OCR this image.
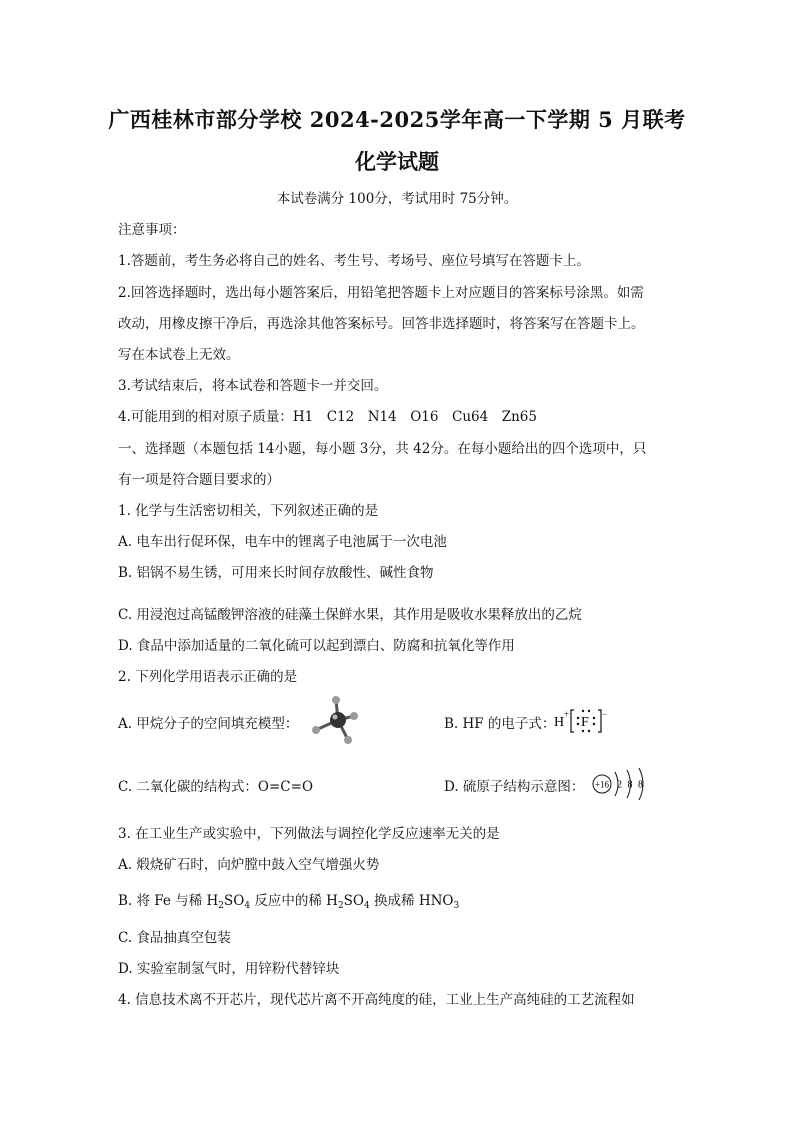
广西桂林市部分学校 2024-2025学年高一下学期 5 月联考
化学试题
本试卷满分 100分，考试用时 75分钟。
注意事项：
1.答题前，考生务必将自己的姓名、考生号、考场号、座位号填写在答题卡上。
2.回答选择题时，选出每小题答案后，用铅笔把答题卡上对应题目的答案标号涂黑。如需
改动，用橡皮擦干净后，再选涂其他答案标号。回答非选择题时，将答案写在答题卡上。
写在本试卷上无效。
3.考试结束后，将本试卷和答题卡一并交回。
4.可能用到的相对原子质量：H1　C12　N14　O16　Cu64　Zn65
一、选择题（本题包括 14小题，每小题 3分，共 42分。在每小题给出的四个选项中，只
有一项是符合题目要求的）
1. 化学与生活密切相关，下列叙述正确的是
A. 电车出行促环保，电车中的锂离子电池属于一次电池
B. 铝锅不易生锈，可用来长时间存放酸性、碱性食物
C. 用浸泡过高锰酸钾溶液的硅藻土保鲜水果，其作用是吸收水果释放出的乙烷
D. 食品中添加适量的二氧化硫可以起到漂白、防腐和抗氧化等作用
2. 下列化学用语表示正确的是
A. 甲烷分子的空间填充模型：	B. HF 的电子式：
H
+
F
−
C. 二氧化碳的结构式：O=C=O	D. 硫原子结构示意图： +16 2 8 8
3. 在工业生产或实验中，下列做法与调控化学反应速率无关的是
A. 煅烧矿石时，向炉膛中鼓入空气增强火势
B. 将 Fe 与稀 $H_2SO_4$ 反应中的稀 $H_2SO_4$ 换成稀 $HNO_3$
C. 食品抽真空包装
D. 实验室制氢气时，用锌粉代替锌块
4. 信息技术离不开芯片，现代芯片离不开高纯度的硅，工业上生产高纯硅的工艺流程如
